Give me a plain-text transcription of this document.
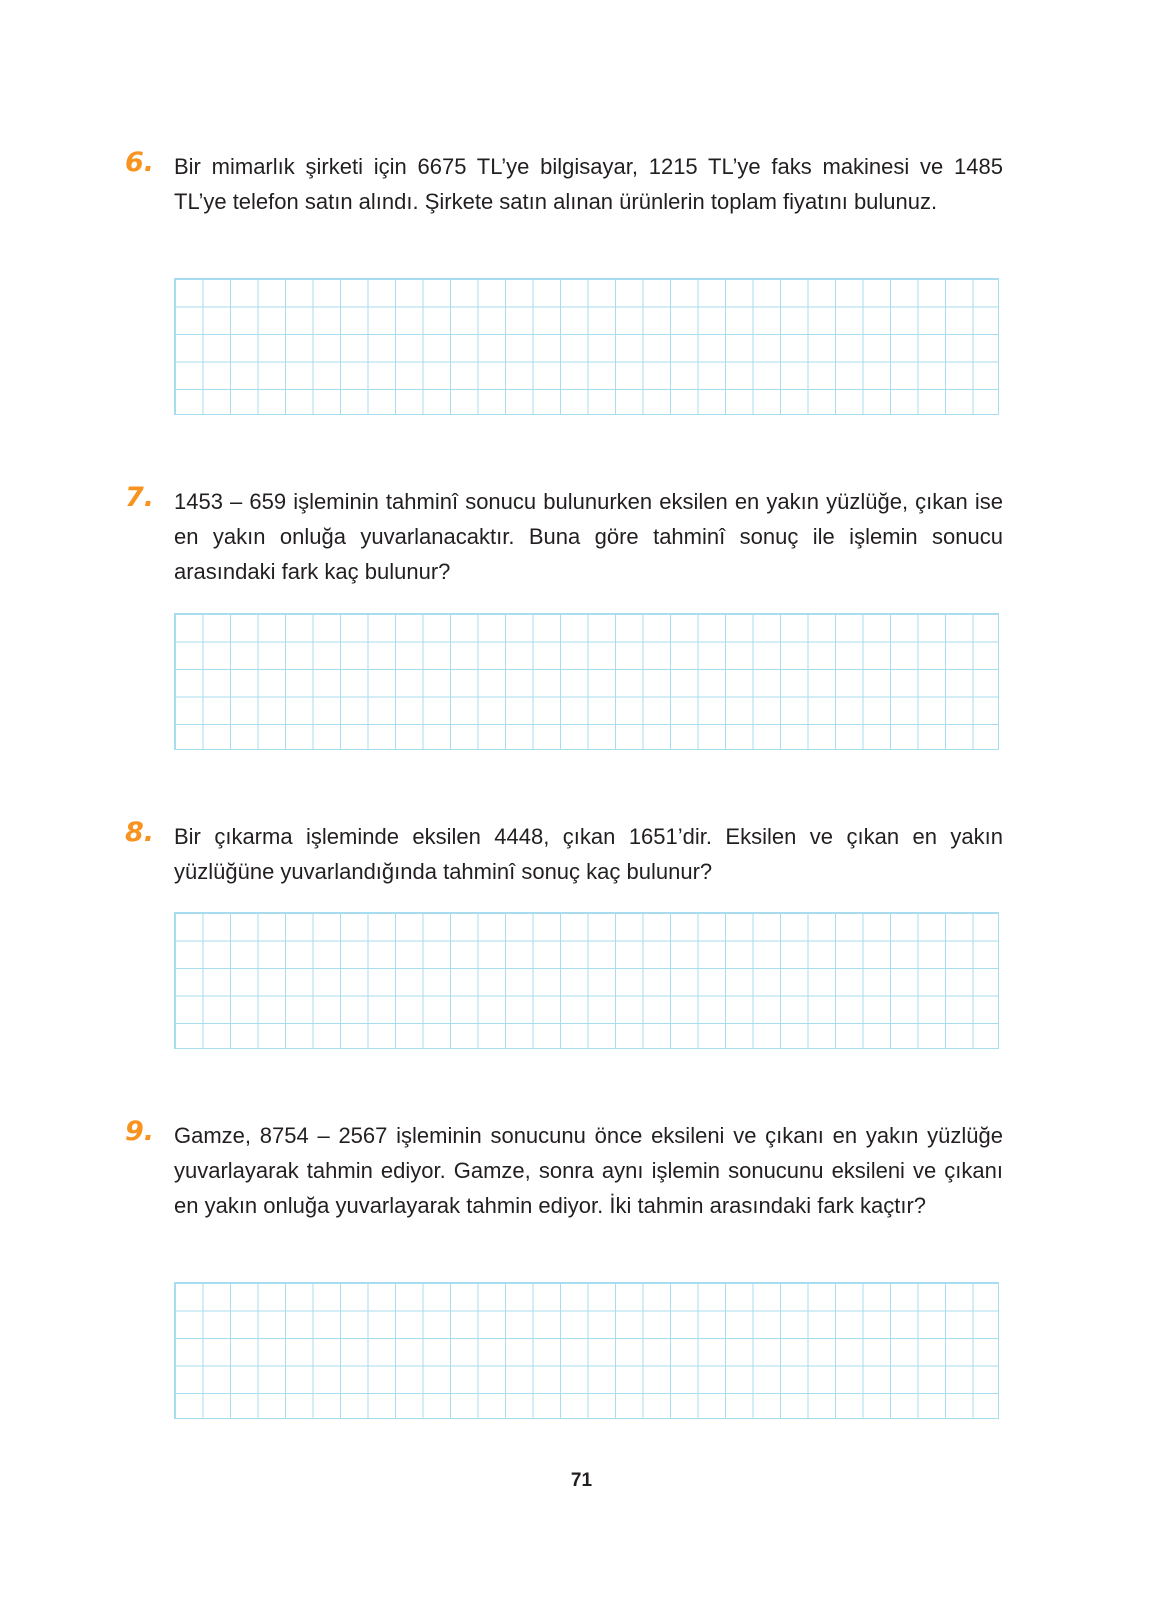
6. Bir mimarlık şirketi için 6675 TL’ye bilgisayar, 1215 TL’ye faks makinesi ve 1485 TL’ye telefon satın alındı. Şirkete satın alınan ürünlerin toplam fiyatını bulunuz.
7. 1453 – 659 işleminin tahminî sonucu bulunurken eksilen en yakın yüzlüğe, çıkan ise en yakın onluğa yuvarlanacaktır. Buna göre tahminî sonuç ile işlemin sonucu arasındaki fark kaç bulunur?
8. Bir çıkarma işleminde eksilen 4448, çıkan 1651’dir. Eksilen ve çıkan en yakın yüzlüğüne yuvarlandığında tahminî sonuç kaç bulunur?
9. Gamze, 8754 – 2567 işleminin sonucunu önce eksileni ve çıkanı en yakın yüzlüğe yuvarlayarak tahmin ediyor. Gamze, sonra aynı işlemin sonucunu eksileni ve çıkanı en yakın onluğa yuvarlayarak tahmin ediyor. İki tahmin arasındaki fark kaçtır?
71
